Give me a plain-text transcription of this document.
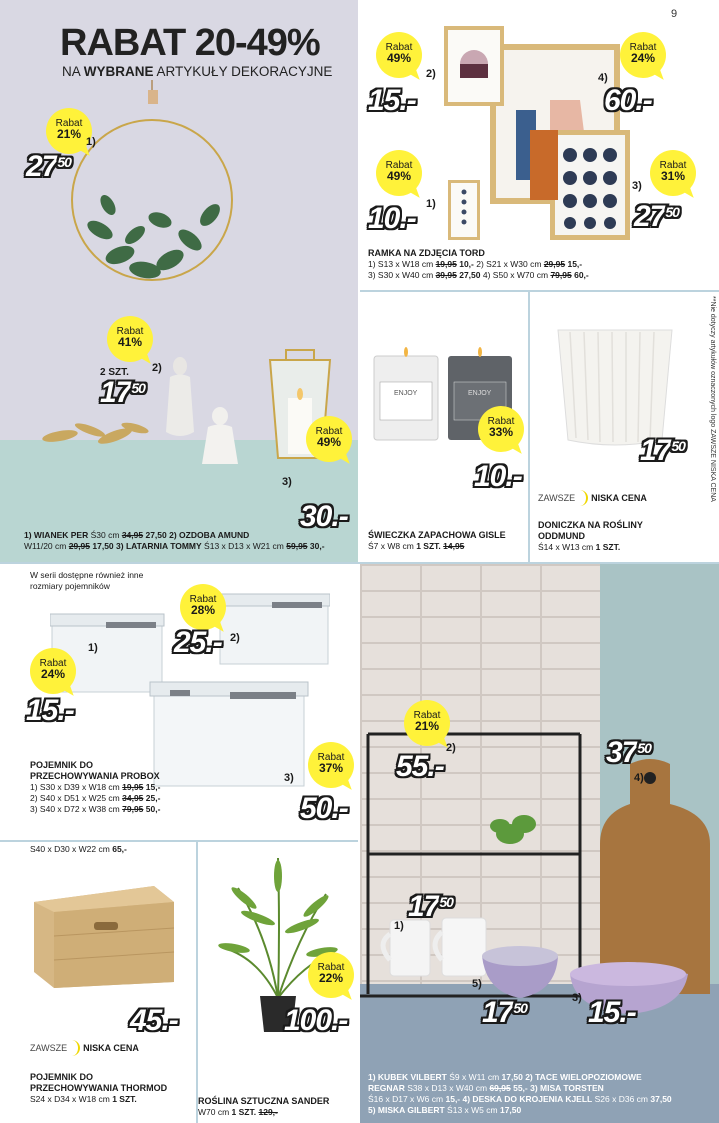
9
RABAT 20-49%
NA WYBRANE ARTYKUŁY DEKORACYJNE
Rabat
21%
1)
$27^{50}$
Rabat
41%
2 SZT. 2)
$17^{50}$
Rabat
49%
3)
30.-
1) WIANEK PER Ś30 cm 34,95 27,50 2) OZDOBA AMUND
W11/20 cm 29,95 17,50 3) LATARNIA TOMMY Ś13 x D13 x W21 cm 59,95 30,-
Rabat
49%
2)
15.-
Rabat
24%
4)
60.-
Rabat
49%
1)
10.-
Rabat
31%
3)
$27^{50}$
RAMKA NA ZDJĘCIA TORD
1) S13 x W18 cm 19,95 10,- 2) S21 x W30 cm 29,95 15,-
3) S30 x W40 cm 39,95 27,50 4) S50 x W70 cm 79,95 60,-
ENJOY	ENJOY
Rabat
33%
10.-
ŚWIECZKA ZAPACHOWA GISLE
Ś7 x W8 cm 1 SZT. 14,95
$17^{50}$
ZAWSZE NISKA CENA
DONICZKA NA ROŚLINY
ODDMUND
Ś14 x W13 cm 1 SZT.
**Nie dotyczy artykułów oznaczonych logo ZAWSZE NISKA CENA
W serii dostępne również inne
rozmiary pojemników
Rabat
28%
25.- 2)
1)
Rabat
24%
15.-
Rabat
37%
3)
50.-
POJEMNIK DO
PRZECHOWYWANIA PROBOX
1) S30 x D39 x W18 cm 19,95 15,-
2) S40 x D51 x W25 cm 34,95 25,-
3) S40 x D72 x W38 cm 79,95 50,-
S40 x D30 x W22 cm 65,-
45.-
ZAWSZE NISKA CENA
POJEMNIK DO
PRZECHOWYWANIA THORMOD
S24 x D34 x W18 cm 1 SZT.
Rabat
22%
100.-
ROŚLINA SZTUCZNA SANDER
W70 cm 1 SZT. 129,-
Rabat
21%
2)
55.-	$37^{50}$
4)
$17^{50}$
1)
5)
3)
$17^{50}$ 15.-
1) KUBEK VILBERT Ś9 x W11 cm 17,50 2) TACE WIELOPOZIOMOWE
REGNAR S38 x D13 x W40 cm 69,95 55,- 3) MISA TORSTEN
Ś16 x D17 x W6 cm 15,- 4) DESKA DO KROJENIA KJELL S26 x D36 cm 37,50
5) MISKA GILBERT Ś13 x W5 cm 17,50
